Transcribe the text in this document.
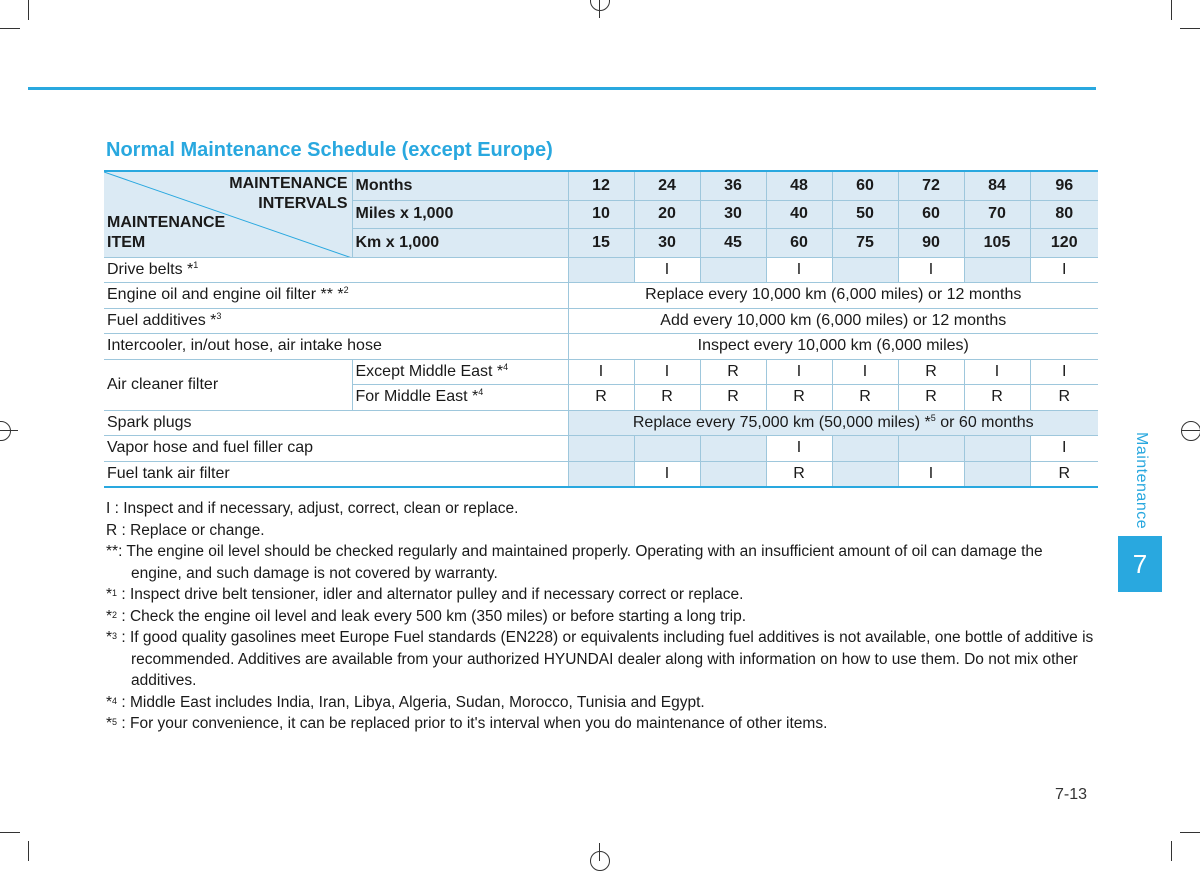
Normal Maintenance Schedule (except Europe)
MAINTENANCE
INTERVALS
MAINTENANCE
ITEM	Months	12	24	36	48	60	72	84	96
	Miles x 1,000	10	20	30	40	50	60	70	80
	Km x 1,000	15	30	45	60	75	90	105	120
Drive belts *$^1$			I		I		I		I
Engine oil and engine oil filter ** *$^2$		Replace every 10,000 km (6,000 miles) or 12 months							
Fuel additives *$^3$		Add every 10,000 km (6,000 miles) or 12 months							
Intercooler, in/out hose, air intake hose		Inspect every 10,000 km (6,000 miles)							
Air cleaner filter	Except Middle East *$^4$	I	I	R	I	I	R	I	I
	For Middle East *$^4$	R	R	R	R	R	R	R	R
Spark plugs		Replace every 75,000 km (50,000 miles) *$^5$ or 60 months							
Vapor hose and fuel filler cap					I				I
Fuel tank air filter			I		R		I		R
I : Inspect and if necessary, adjust, correct, clean or replace.
R : Replace or change.
**: The engine oil level should be checked regularly and maintained properly. Operating with an insufficient amount of oil can damage the engine, and such damage is not covered by warranty.
*$^1$ : Inspect drive belt tensioner, idler and alternator pulley and if necessary correct or replace.
*$^2$ : Check the engine oil level and leak every 500 km (350 miles) or before starting a long trip.
*$^3$ : If good quality gasolines meet Europe Fuel standards (EN228) or equivalents including fuel additives is not available, one bottle of additive is recommended. Additives are available from your authorized HYUNDAI dealer along with information on how to use them. Do not mix other additives.
*$^4$ : Middle East includes India, Iran, Libya, Algeria, Sudan, Morocco, Tunisia and Egypt.
*$^5$ : For your convenience, it can be replaced prior to it's interval when you do maintenance of other items.
Maintenance
7
7-13
